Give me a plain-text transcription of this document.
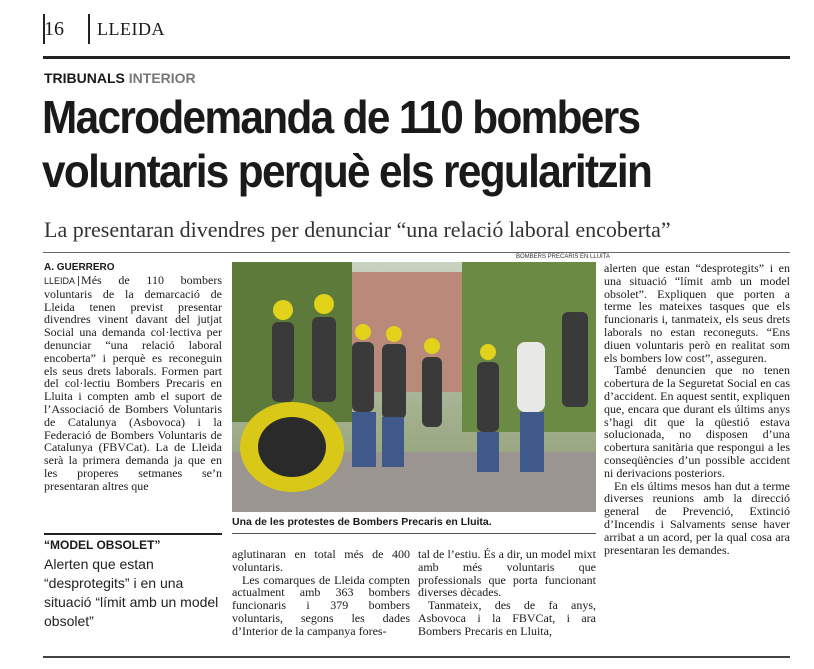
16 LLEIDA
TRIBUNALS INTERIOR
Macrodemanda de 110 bombers
voluntaris perquè els regularitzin
La presentaran divendres per denunciar “una relació laboral encoberta”
A. GUERRERO
LLEIDA Més de 110 bombers voluntaris de la demarcació de Lleida tenen previst presentar divendres vinent davant del jutjat Social una demanda col·lectiva per denunciar “una relació laboral encoberta” i perquè es reconeguin els seus drets laborals. Formen part del col·lectiu Bombers Precaris en Lluita i compten amb el suport de l’Associació de Bombers Voluntaris de Catalunya (Asbovoca) i la Federació de Bombers Voluntaris de Catalunya (FBVCat). La de Lleida serà la primera demanda ja que en les properes setmanes se’n presentaran altres que
BOMBERS PRECARIS EN LLUITA
Una de les protestes de Bombers Precaris en Lluita.
“MODEL OBSOLET”
Alerten que estan “desprotegits” i en una situació “límit amb un model obsolet”
aglutinaran en total més de 400 voluntaris.
Les comarques de Lleida compten actualment amb 363 bombers funcionaris i 379 bombers voluntaris, segons les dades d’Interior de la campanya fores-
tal de l’estiu. És a dir, un model mixt amb més voluntaris que professionals que porta funcionant diverses dècades.
Tanmateix, des de fa anys, Asbovoca i la FBVCat, i ara Bombers Precaris en Lluita,
alerten que estan “desprotegits” i en una situació “límit amb un model obsolet”. Expliquen que porten a terme les mateixes tasques que els funcionaris i, tanmateix, els seus drets laborals no estan reconeguts. “Ens diuen voluntaris però en realitat som els bombers low cost”, asseguren.
També denuncien que no tenen cobertura de la Seguretat Social en cas d’accident. En aquest sentit, expliquen que, encara que durant els últims anys s’hagi dit que la qüestió estava solucionada, no disposen d’una cobertura sanitària que respongui a les conseqüències d’un possible accident ni derivacions posteriors.
En els últims mesos han dut a terme diverses reunions amb la direcció general de Prevenció, Extinció d’Incendis i Salvaments sense haver arribat a un acord, per la qual cosa ara presentaran les demandes.
